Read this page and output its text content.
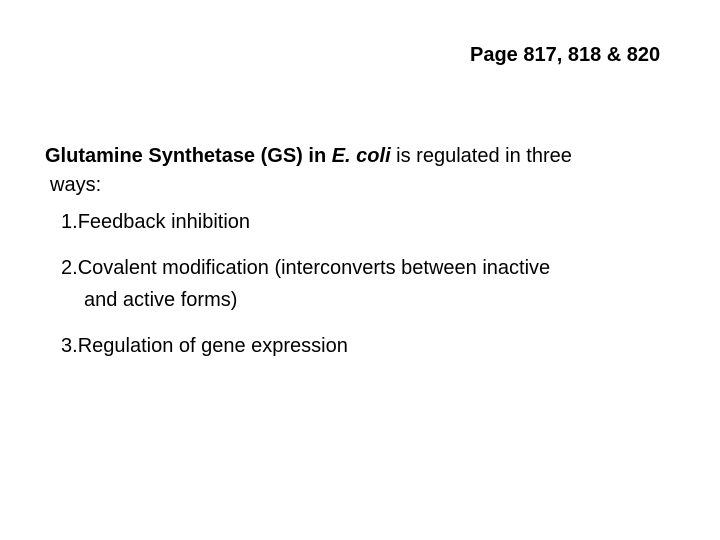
Page 817, 818 & 820
Glutamine Synthetase (GS) in E. coli is regulated in three
ways:
1.Feedback inhibition
2.Covalent modification (interconverts between inactive
and active forms)
3.Regulation of gene expression
